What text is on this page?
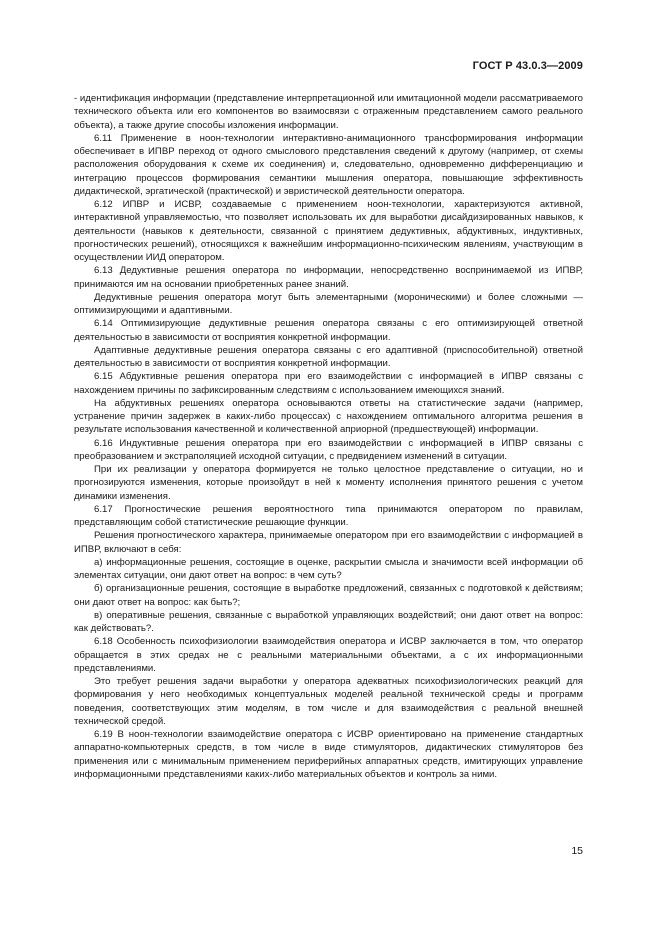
ГОСТ Р 43.0.3—2009

- идентификация информации (представление интерпретационной или имитационной модели рассматриваемого технического объекта или его компонентов во взаимосвязи с отраженным представлением самого реального объекта), а также другие способы изложения информации.

6.11 Применение в ноон-технологии интерактивно-анимационного трансформирования информации обеспечивает в ИПВР переход от одного смыслового представления сведений к другому (например, от схемы расположения оборудования к схеме их соединения) и, следовательно, одновременно дифференциацию и интеграцию процессов формирования семантики мышления оператора, повышающие эффективность дидактической, эргатической (практической) и эвристической деятельности оператора.

6.12 ИПВР и ИСВР, создаваемые с применением ноон-технологии, характеризуются активной, интерактивной управляемостью, что позволяет использовать их для выработки дисайдизированных навыков, к деятельности (навыков к деятельности, связанной с принятием дедуктивных, абдуктивных, индуктивных, прогностических решений), относящихся к важнейшим информационно-психическим явлениям, участвующим в осуществлении ИИД оператором.

6.13 Дедуктивные решения оператора по информации, непосредственно воспринимаемой из ИПВР, принимаются им на основании приобретенных ранее знаний.

Дедуктивные решения оператора могут быть элементарными (мороническими) и более сложными — оптимизирующими и адаптивными.

6.14 Оптимизирующие дедуктивные решения оператора связаны с его оптимизирующей ответной деятельностью в зависимости от восприятия конкретной информации.

Адаптивные дедуктивные решения оператора связаны с его адаптивной (приспособительной) ответной деятельностью в зависимости от восприятия конкретной информации.

6.15 Абдуктивные решения оператора при его взаимодействии с информацией в ИПВР связаны с нахождением причины по зафиксированным следствиям с использованием имеющихся знаний.

На абдуктивных решениях оператора основываются ответы на статистические задачи (например, устранение причин задержек в каких-либо процессах) с нахождением оптимального алгоритма решения в результате использования качественной и количественной априорной (предшествующей) информации.

6.16 Индуктивные решения оператора при его взаимодействии с информацией в ИПВР связаны с преобразованием и экстраполяцией исходной ситуации, с предвидением изменений в ситуации.

При их реализации у оператора формируется не только целостное представление о ситуации, но и прогнозируются изменения, которые произойдут в ней к моменту исполнения принятого решения с учетом динамики изменения.

6.17 Прогностические решения вероятностного типа принимаются оператором по правилам, представляющим собой статистические решающие функции.

Решения прогностического характера, принимаемые оператором при его взаимодействии с информацией в ИПВР, включают в себя:

а) информационные решения, состоящие в оценке, раскрытии смысла и значимости всей информации об элементах ситуации, они дают ответ на вопрос: в чем суть?

б) организационные решения, состоящие в выработке предложений, связанных с подготовкой к действиям; они дают ответ на вопрос: как быть?;

в) оперативные решения, связанные с выработкой управляющих воздействий; они дают ответ на вопрос: как действовать?.

6.18 Особенность психофизиологии взаимодействия оператора и ИСВР заключается в том, что оператор обращается в этих средах не с реальными материальными объектами, а с их информационными представлениями.

Это требует решения задачи выработки у оператора адекватных психофизиологических реакций для формирования у него необходимых концептуальных моделей реальной технической среды и программ поведения, соответствующих этим моделям, в том числе и для взаимодействия с реальной внешней технической средой.

6.19 В ноон-технологии взаимодействие оператора с ИСВР ориентировано на применение стандартных аппаратно-компьютерных средств, в том числе в виде стимуляторов, дидактических стимуляторов без применения или с минимальным применением периферийных аппаратных средств, имитирующих управление информационными представлениями каких-либо материальных объектов и контроль за ними.

15
